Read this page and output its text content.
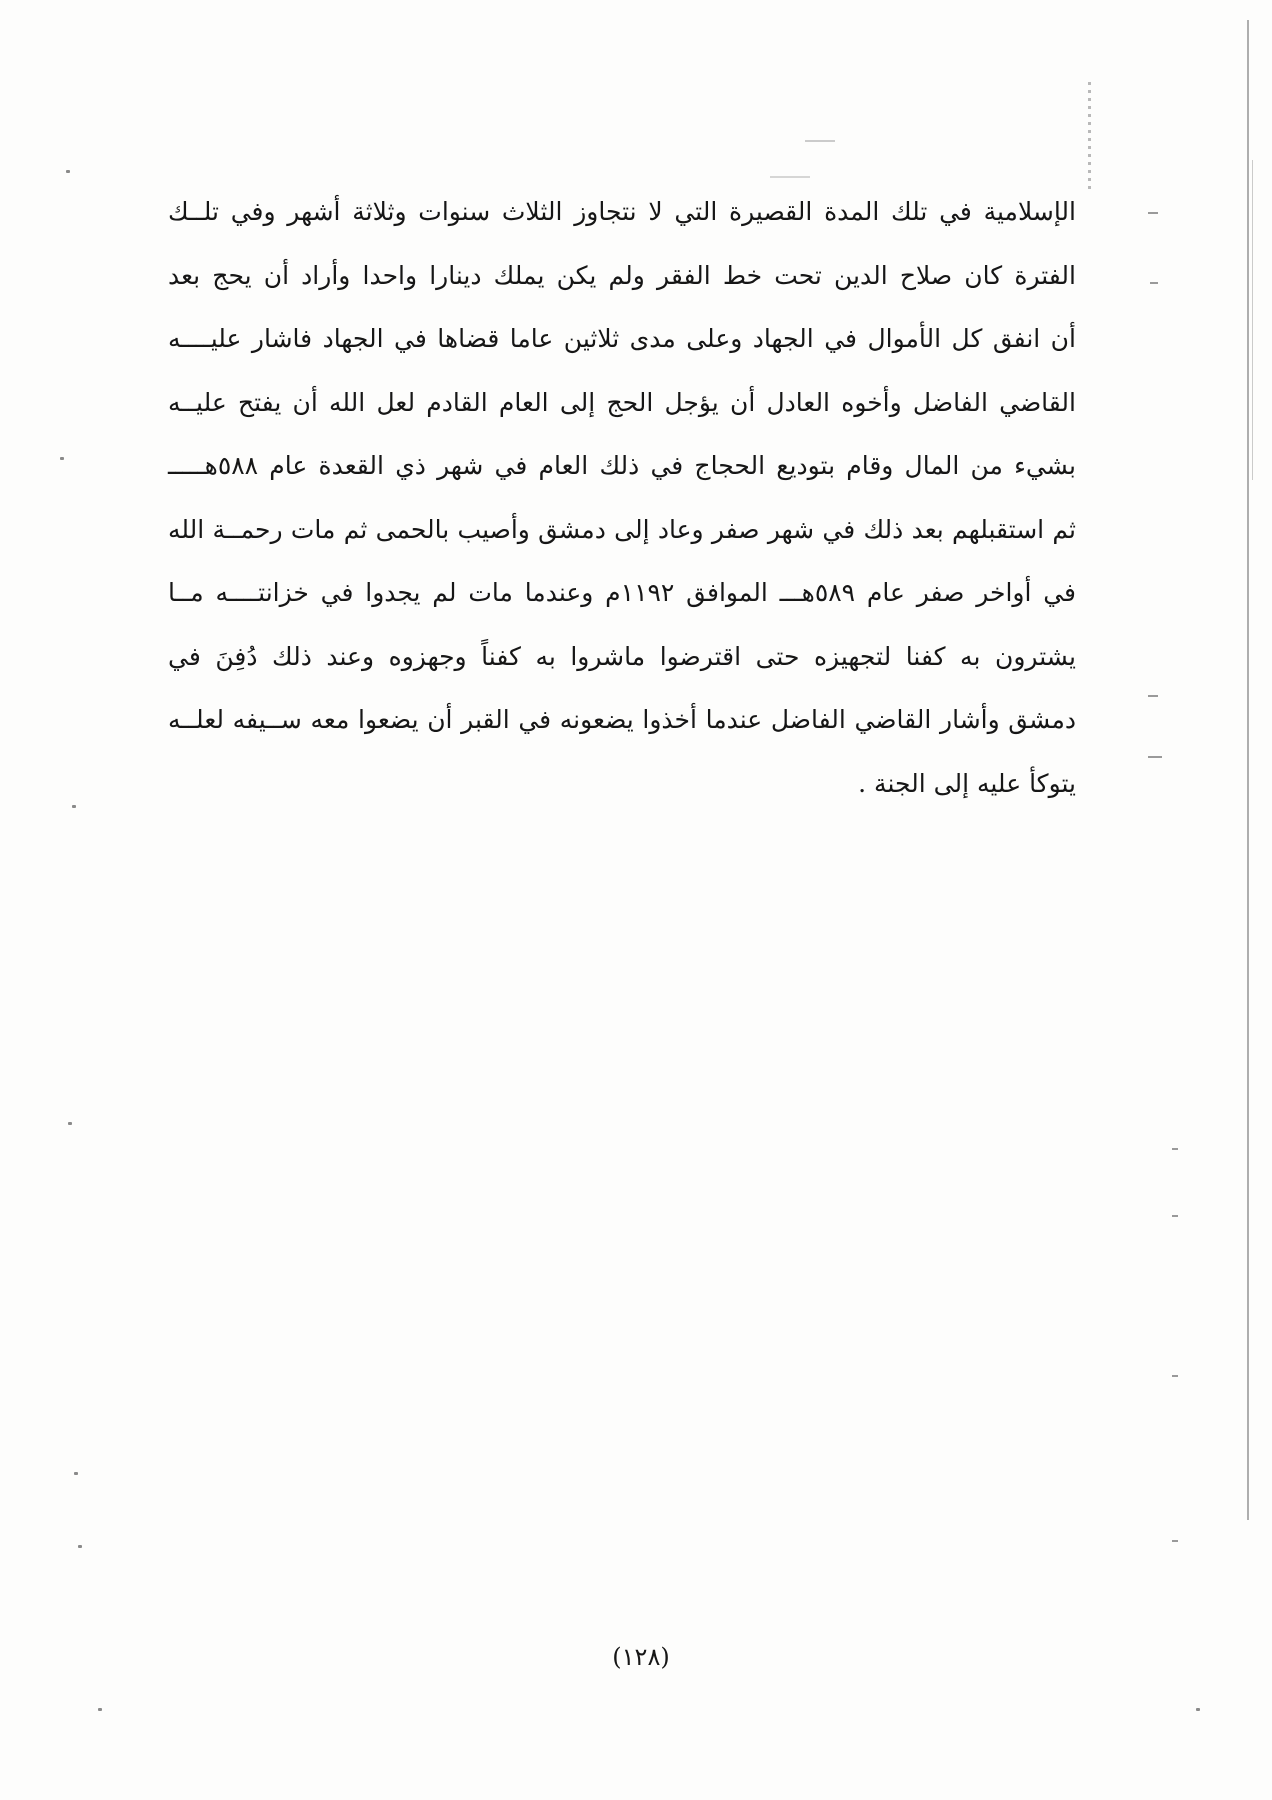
الإسلامية في تلك المدة القصيرة التي لا نتجاوز الثلاث سنوات وثلاثة أشهر وفي تلــك
الفترة كان صلاح الدين تحت خط الفقر ولم يكن يملك دينارا واحدا وأراد أن يحج بعد
أن انفق كل الأموال في الجهاد وعلى مدى ثلاثين عاما قضاها في الجهاد فاشار عليــــه
القاضي الفاضل وأخوه العادل أن يؤجل الحج إلى العام القادم لعل الله أن يفتح عليــه
بشيء من المال وقام بتوديع الحجاج في ذلك العام في شهر ذي القعدة عام ٥٨٨هـــــ
ثم استقبلهم بعد ذلك في شهر صفر وعاد إلى دمشق وأصيب بالحمى ثم مات رحمــة الله
في أواخر صفر عام ٥٨٩هـــ الموافق ١١٩٢م وعندما مات لم يجدوا في خزانتــــه مــا
يشترون به كفنا لتجهيزه حتى اقترضوا ماشروا به كفناً وجهزوه وعند ذلك دُفِنَ في
دمشق وأشار القاضي الفاضل عندما أخذوا يضعونه في القبر أن يضعوا معه ســيفه لعلــه
يتوكأ عليه إلى الجنة .
(١٢٨)
